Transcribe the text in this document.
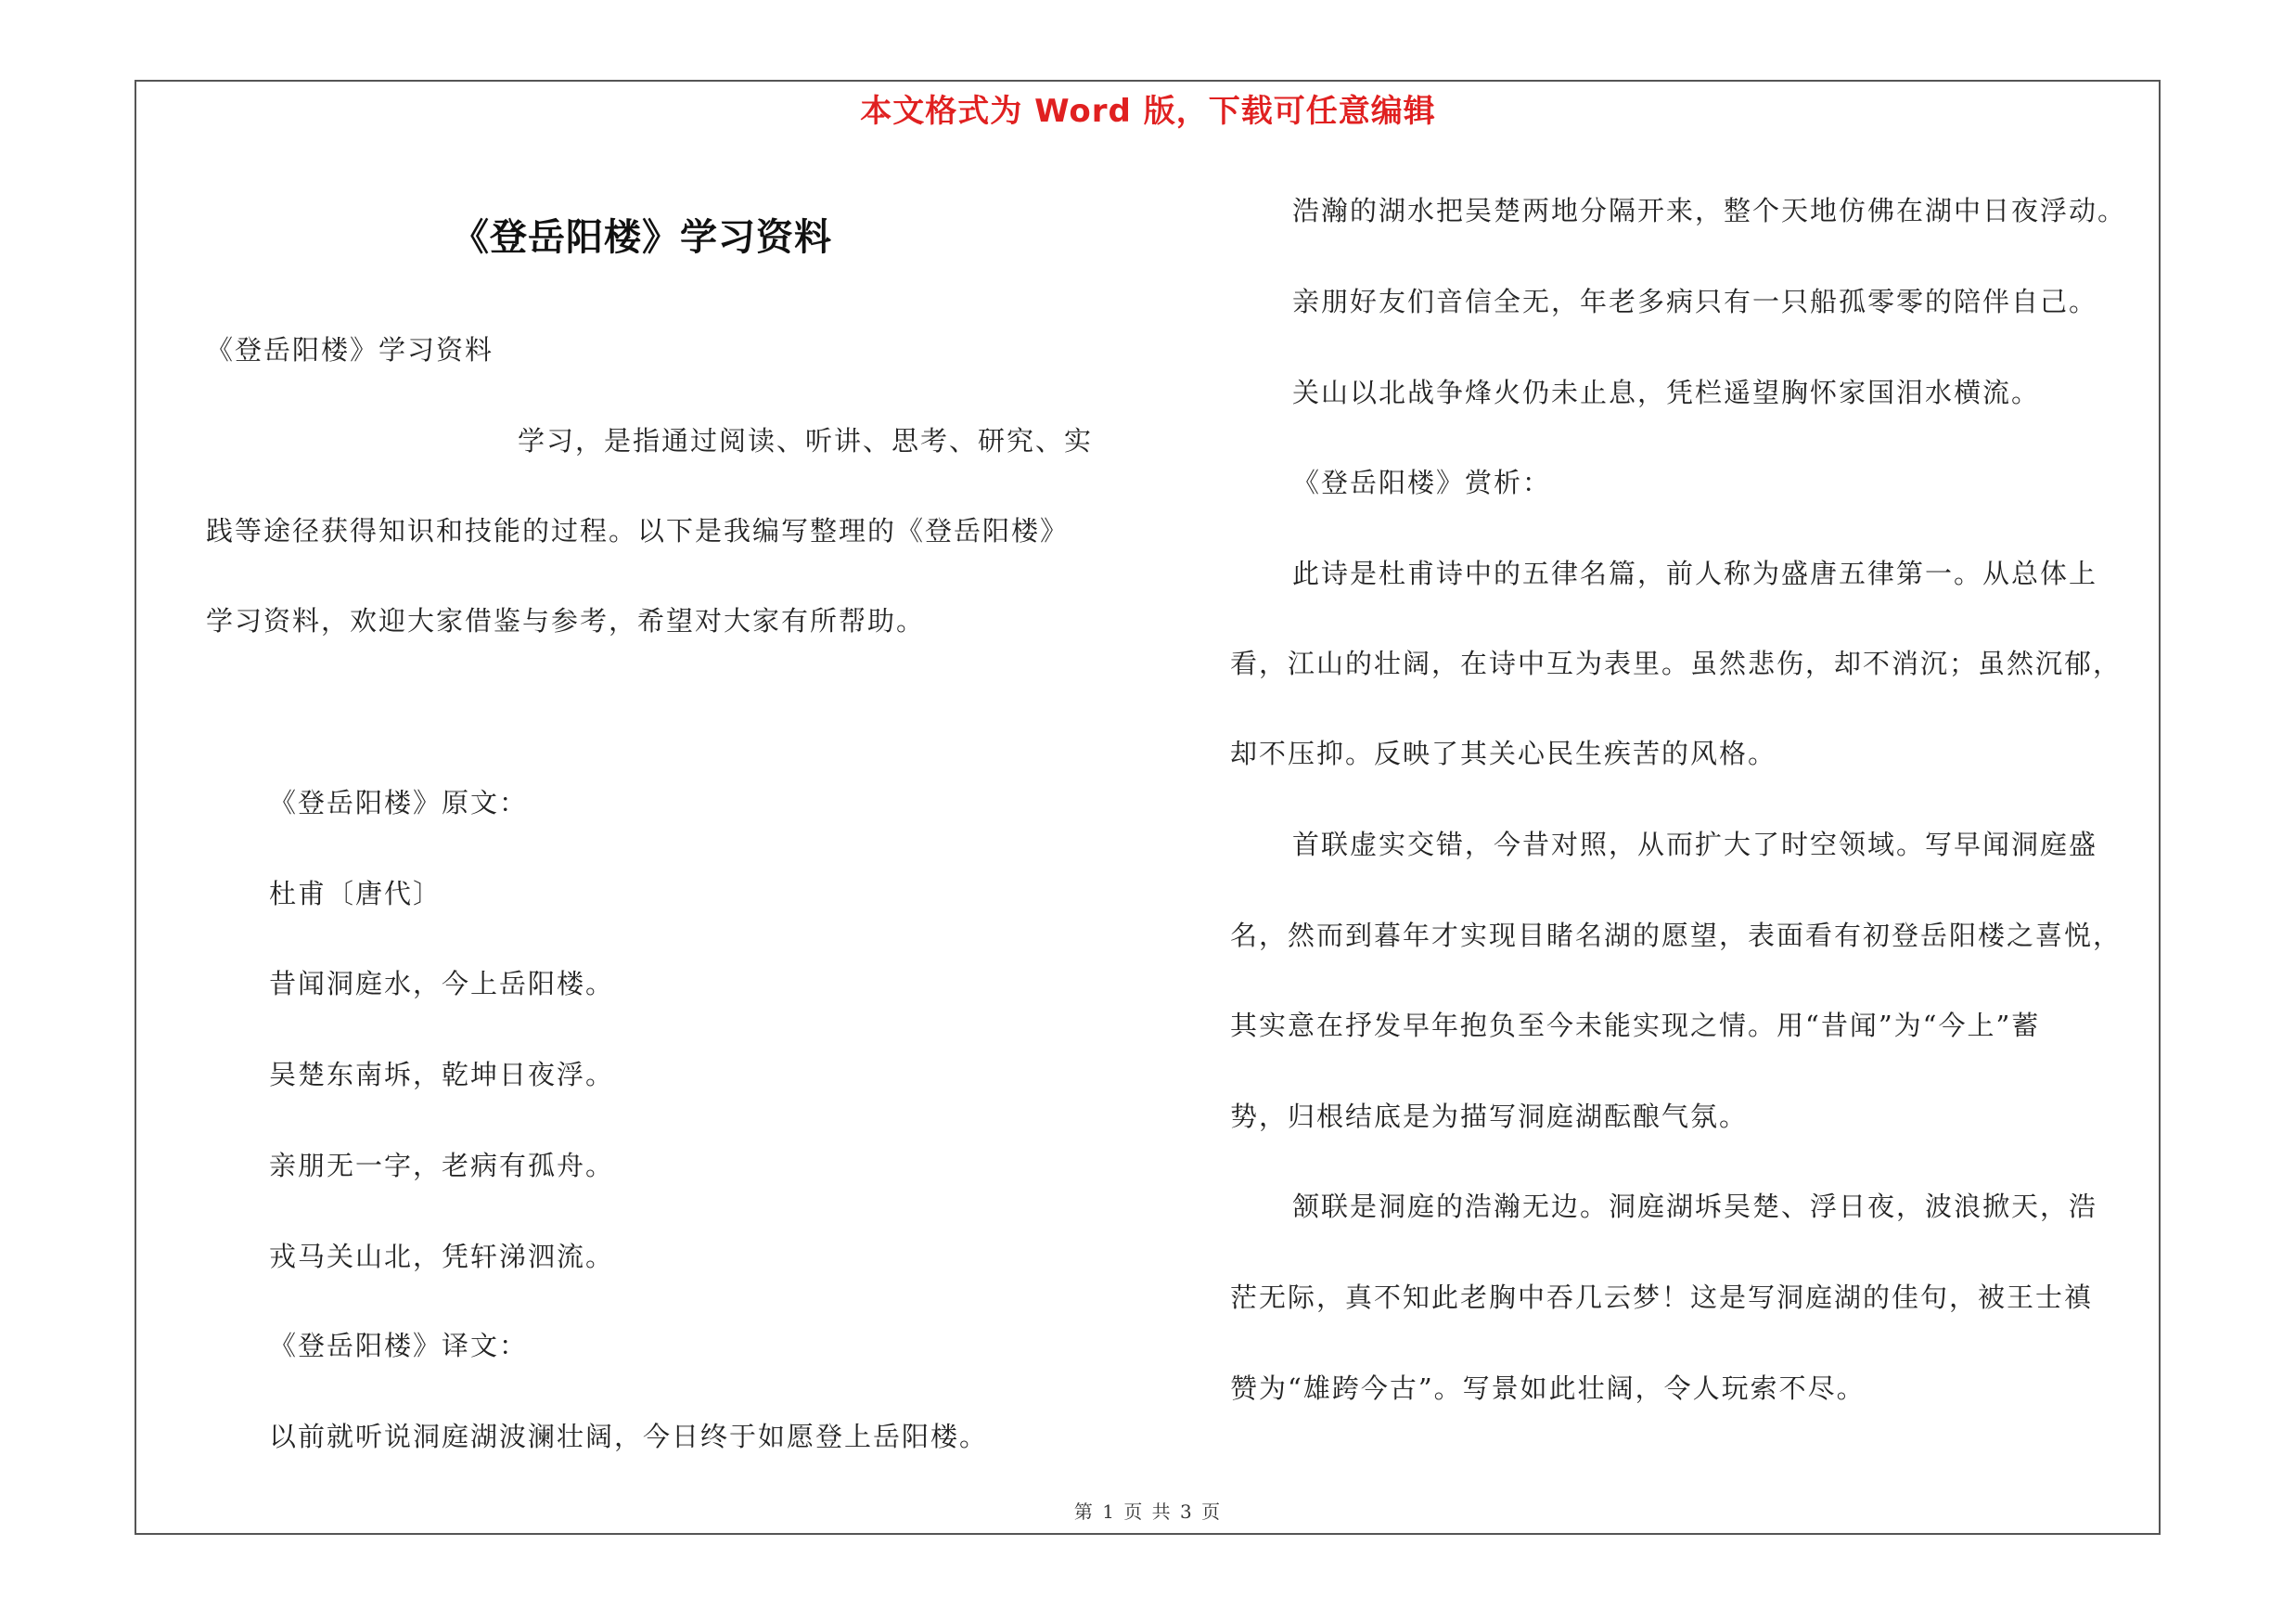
本文格式为 Word 版，下载可任意编辑
《登岳阳楼》学习资料
《登岳阳楼》学习资料
学习，是指通过阅读、听讲、思考、研究、实
践等途径获得知识和技能的过程。以下是我编写整理的《登岳阳楼》
学习资料，欢迎大家借鉴与参考，希望对大家有所帮助。
《登岳阳楼》原文：
杜甫〔唐代〕
昔闻洞庭水，今上岳阳楼。
吴楚东南坼，乾坤日夜浮。
亲朋无一字，老病有孤舟。
戎马关山北，凭轩涕泗流。
《登岳阳楼》译文：
以前就听说洞庭湖波澜壮阔，今日终于如愿登上岳阳楼。
浩瀚的湖水把吴楚两地分隔开来，整个天地仿佛在湖中日夜浮动。
亲朋好友们音信全无，年老多病只有一只船孤零零的陪伴自己。
关山以北战争烽火仍未止息，凭栏遥望胸怀家国泪水横流。
《登岳阳楼》赏析：
此诗是杜甫诗中的五律名篇，前人称为盛唐五律第一。从总体上
看，江山的壮阔，在诗中互为表里。虽然悲伤，却不消沉；虽然沉郁，
却不压抑。反映了其关心民生疾苦的风格。
首联虚实交错，今昔对照，从而扩大了时空领域。写早闻洞庭盛
名，然而到暮年才实现目睹名湖的愿望，表面看有初登岳阳楼之喜悦，
其实意在抒发早年抱负至今未能实现之情。用“昔闻”为“今上”蓄
势，归根结底是为描写洞庭湖酝酿气氛。
颔联是洞庭的浩瀚无边。洞庭湖坼吴楚、浮日夜，波浪掀天，浩
茫无际，真不知此老胸中吞几云梦！这是写洞庭湖的佳句，被王士禛
赞为“雄跨今古”。写景如此壮阔，令人玩索不尽。
第 1 页 共 3 页
